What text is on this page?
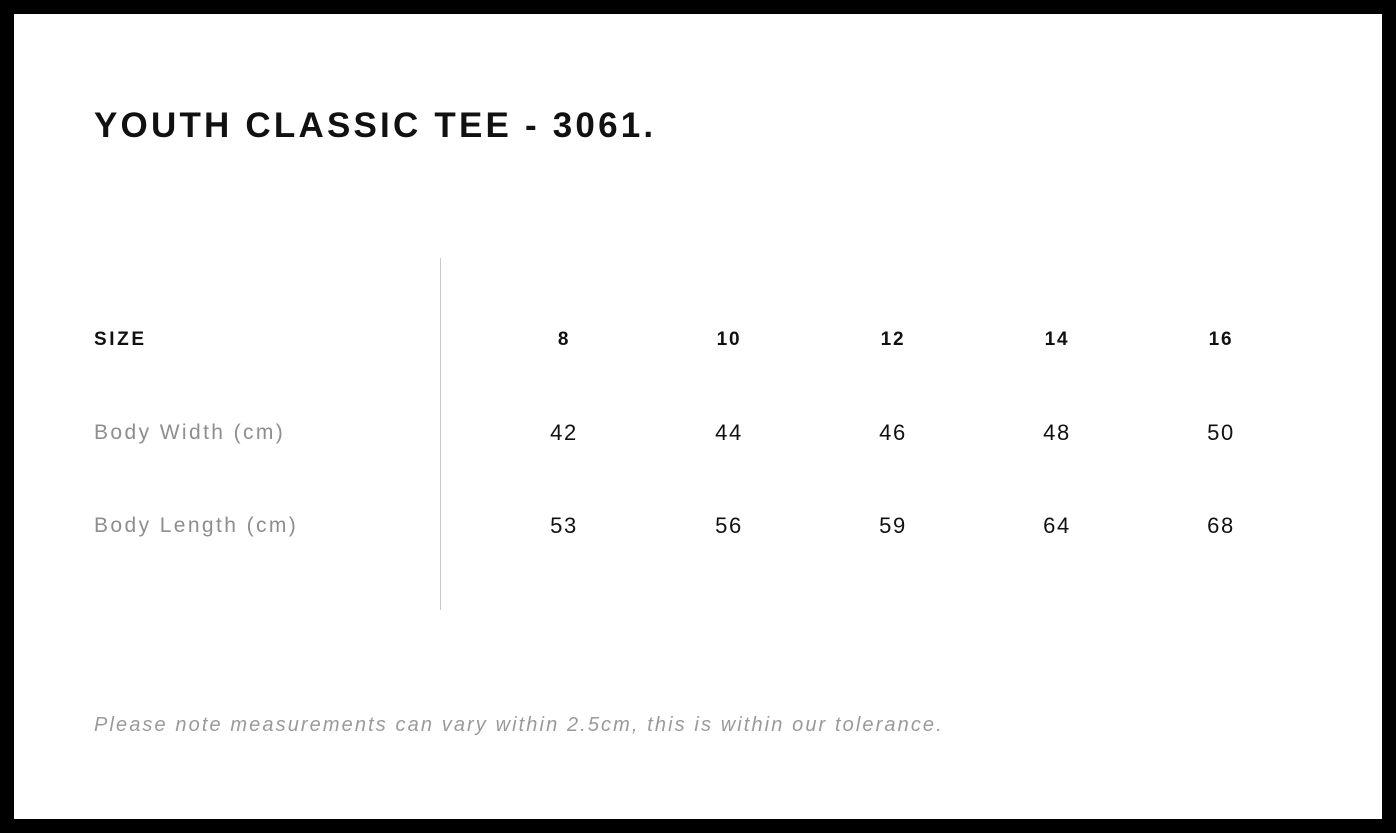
YOUTH CLASSIC TEE - 3061.
SIZE	8	10	12	14	16
Body Width (cm)	42	44	46	48	50
Body Length (cm)	53	56	59	64	68
Please note measurements can vary within 2.5cm, this is within our tolerance.
